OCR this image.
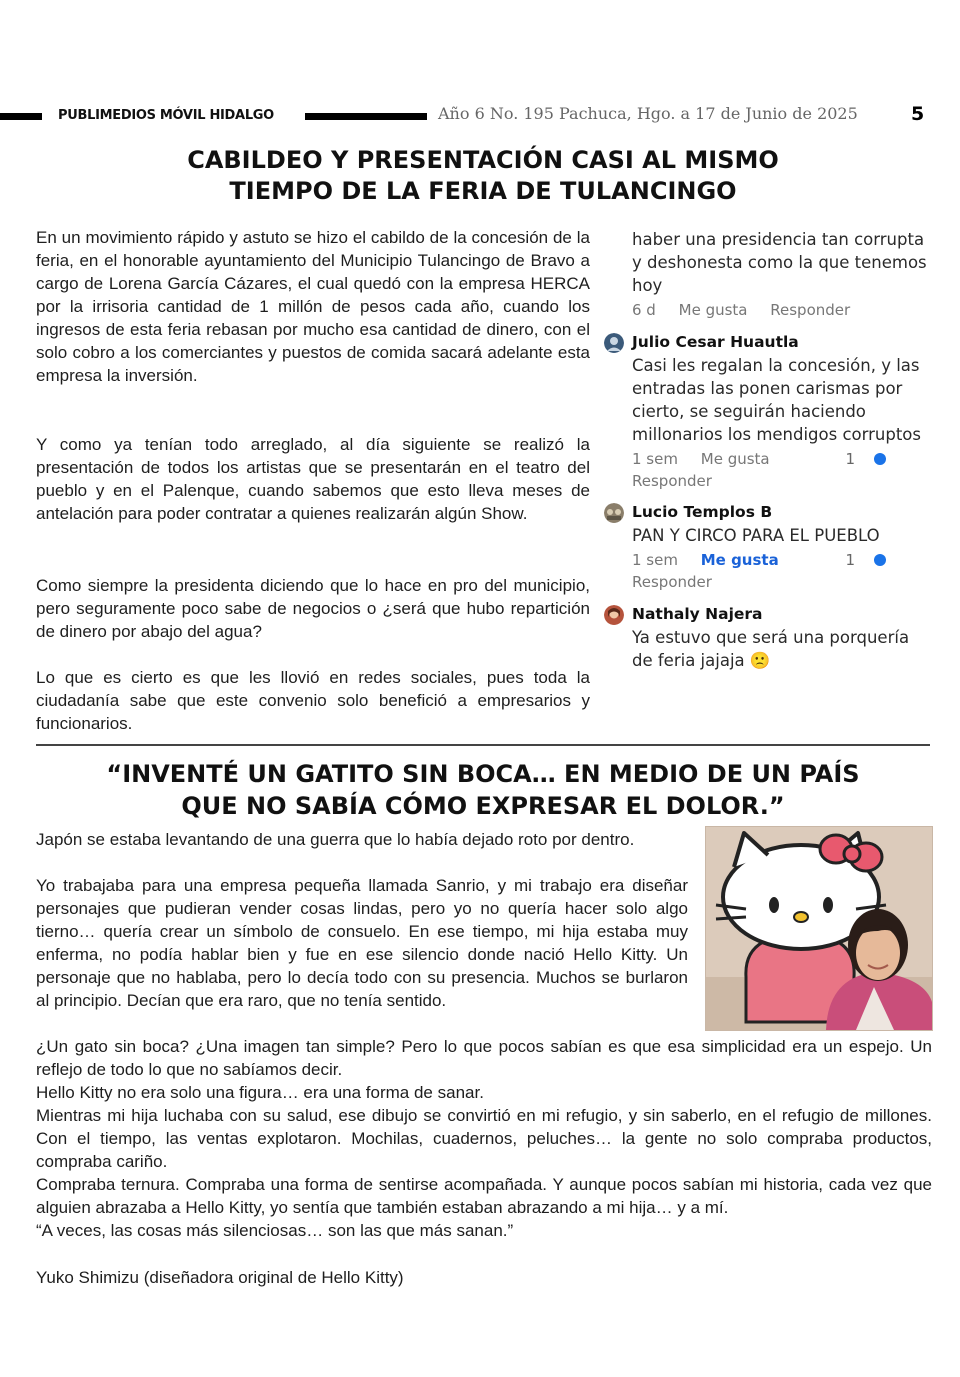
PUBLIMEDIOS MÓVIL HIDALGO	Año 6 No. 195 Pachuca, Hgo. a 17 de Junio de 2025	5
CABILDEO Y PRESENTACIÓN CASI AL MISMO
TIEMPO DE LA FERIA DE TULANCINGO

En un movimiento rápido y astuto se hizo el cabildo de la concesión de la feria, en el honorable ayuntamiento del Municipio Tulancingo de Bravo a cargo de Lorena García Cázares, el cual quedó con la empresa HERCA por la irrisoria cantidad de 1 millón de pesos cada año, cuando los ingresos de esta feria rebasan por mucho esa cantidad de dinero, con el solo cobro a los comerciantes y puestos de comida sacará adelante esta empresa la inversión.

Y como ya tenían todo arreglado, al día siguiente se realizó la presentación de todos los artistas que se presentarán en el teatro del pueblo y en el Palenque, cuando sabemos que esto lleva meses de antelación para poder contratar a quienes realizarán algún Show.

Como siempre la presidenta diciendo que lo hace en pro del municipio, pero seguramente poco sabe de negocios o ¿será que hubo repartición de dinero por abajo del agua?

Lo que es cierto es que les llovió en redes sociales, pues toda la ciudadanía sabe que este convenio solo benefició a empresarios y funcionarios.

haber una presidencia tan corrupta y deshonesta como la que tenemos hoy
6 d Me gusta Responder
Julio Cesar Huautla
Casi les regalan la concesión, y las entradas las ponen carismas por cierto, se seguirán haciendo millonarios los mendigos corruptos
1 sem Me gusta	1
Responder
Lucio Templos B
PAN Y CIRCO PARA EL PUEBLO
1 sem Me gusta	1
Responder
Nathaly Najera
Ya estuvo que será una porquería de feria jajaja 🙁
“INVENTÉ UN GATITO SIN BOCA… EN MEDIO DE UN PAÍS
QUE NO SABÍA CÓMO EXPRESAR EL DOLOR.”

Japón se estaba levantando de una guerra que lo había dejado roto por dentro.

Yo trabajaba para una empresa pequeña llamada Sanrio, y mi trabajo era diseñar personajes que pudieran vender cosas lindas, pero yo no quería hacer solo algo tierno… quería crear un símbolo de consuelo. En ese tiempo, mi hija estaba muy enferma, no podía hablar bien y fue en ese silencio donde nació Hello Kitty. Un personaje que no hablaba, pero lo decía todo con su presencia. Muchos se burlaron al principio. Decían que era raro, que no tenía sentido.

¿Un gato sin boca? ¿Una imagen tan simple? Pero lo que pocos sabían es que esa simplicidad era un espejo. Un reflejo de todo lo que no sabíamos decir.

Hello Kitty no era solo una figura… era una forma de sanar.

Mientras mi hija luchaba con su salud, ese dibujo se convirtió en mi refugio, y sin saberlo, en el refugio de millones. Con el tiempo, las ventas explotaron. Mochilas, cuadernos, peluches… la gente no solo compraba productos, compraba cariño.

Compraba ternura. Compraba una forma de sentirse acompañada. Y aunque pocos sabían mi historia, cada vez que alguien abrazaba a Hello Kitty, yo sentía que también estaban abrazando a mi hija… y a mí.

“A veces, las cosas más silenciosas… son las que más sanan.”

Yuko Shimizu (diseñadora original de Hello Kitty)
